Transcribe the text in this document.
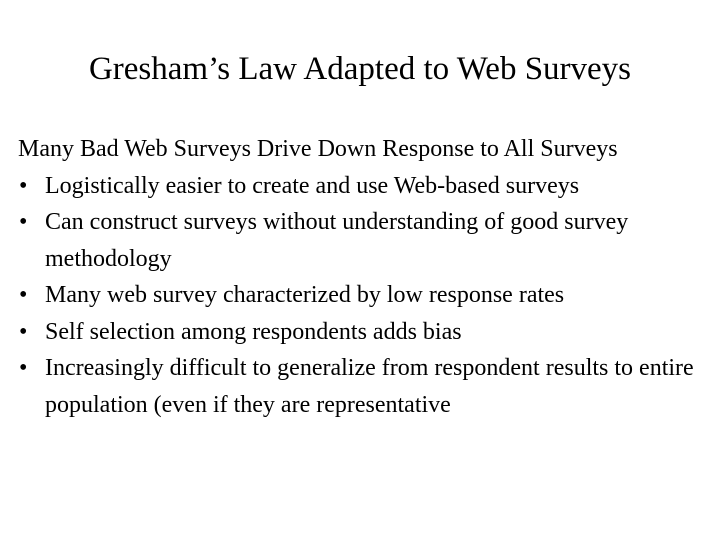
Gresham’s Law Adapted to Web Surveys
Many Bad Web Surveys Drive Down Response to All Surveys
• Logistically easier to create and use Web-based surveys
• Can construct surveys without understanding of good survey methodology
• Many web survey characterized by low response rates
• Self selection among respondents adds bias
• Increasingly difficult to generalize from respondent results to entire population (even if they are representative
